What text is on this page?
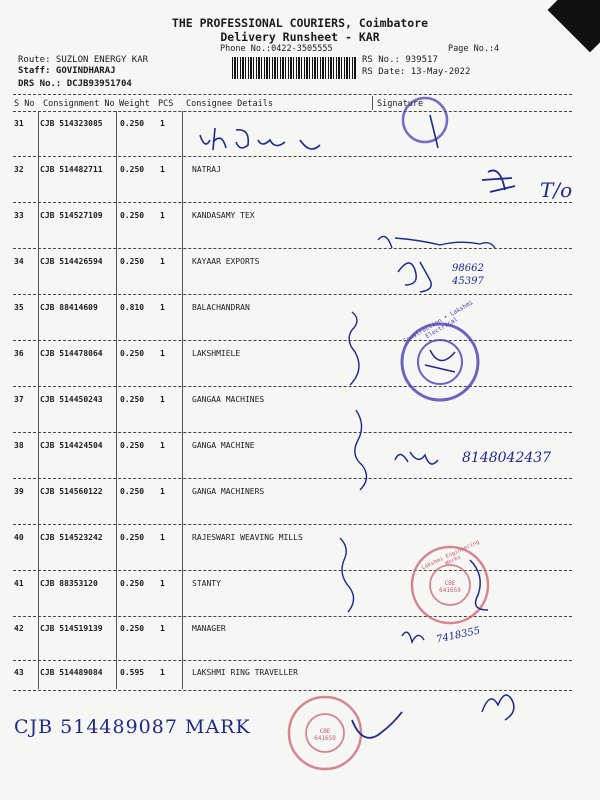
THE PROFESSIONAL COURIERS, Coimbatore
Delivery Runsheet - KAR
Phone No.:0422-3505555	Page No.:4
Route: SUZLON ENERGY KAR
Staff: GOVINDHARAJ
DRS No.: DCJB93951704
RS No.: 939517
RS Date: 13-May-2022
S No Consignment No Weight PCS Consignee Details	Signature
31 CJB 514323085 0.250 1
32 CJB 514482711 0.250 1	NATRAJ
33 CJB 514527109 0.250 1	KANDASAMY TEX
34 CJB 514426594 0.250 1	KAYAAR EXPORTS
35 CJB 88414609	0.810 1	BALACHANDRAN
36 CJB 514478064 0.250 1	LAKSHMIELE
37 CJB 514450243 0.250 1	GANGAA MACHINES
38 CJB 514424504 0.250 1	GANGA MACHINE
39 CJB 514560122 0.250 1	GANGA MACHINERS
40 CJB 514523242 0.250 1	RAJESWARI WEAVING MILLS
41 CJB 88353120	0.250 1	STANTY
42 CJB 514519139 0.250 1	MANAGER
43 CJB 514489084 0.595 1	LAKSHMI RING TRAVELLER
T/o
98662 45397
8148042437
7418355
CJB 514489087 MARK
Construction • Lakshmi Electrical
Lakshmi Engineering Works
CBE 641659
CBE 641659
